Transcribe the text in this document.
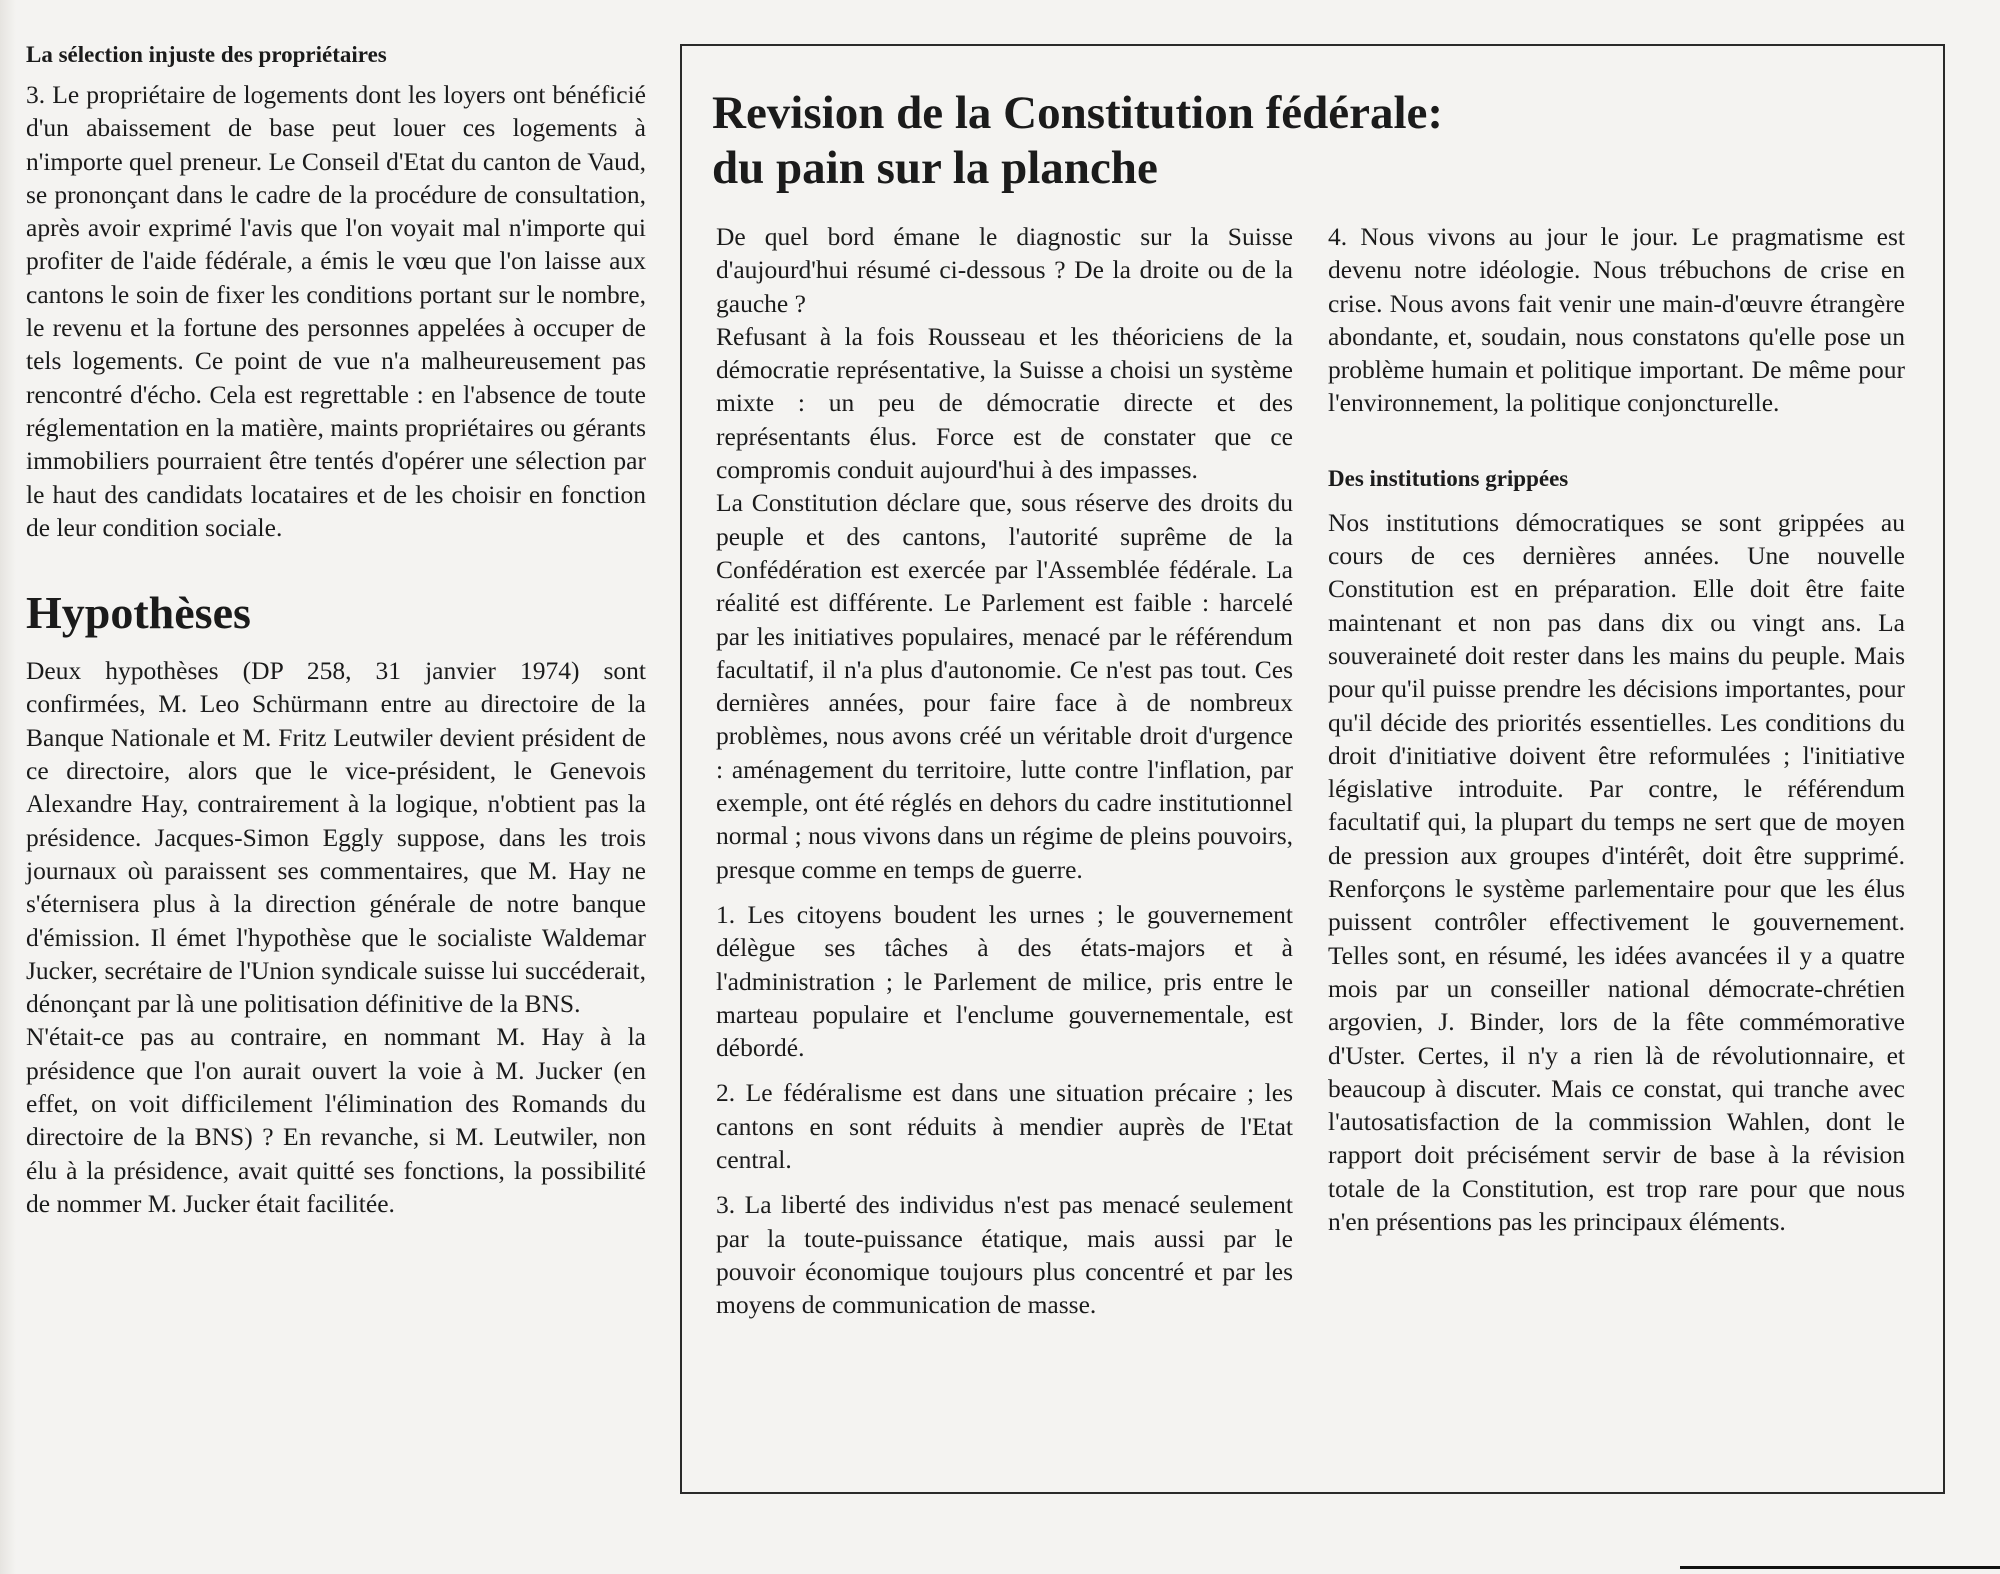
La sélection injuste des propriétaires

3. Le propriétaire de logements dont les loyers ont bénéficié d'un abaissement de base peut louer ces logements à n'importe quel preneur. Le Conseil d'Etat du canton de Vaud, se prononçant dans le cadre de la procédure de consultation, après avoir exprimé l'avis que l'on voyait mal n'importe qui profiter de l'aide fédérale, a émis le vœu que l'on laisse aux cantons le soin de fixer les conditions portant sur le nombre, le revenu et la fortune des personnes appelées à occuper de tels logements. Ce point de vue n'a malheureusement pas rencontré d'écho. Cela est regrettable : en l'absence de toute réglementation en la matière, maints propriétaires ou gérants immobiliers pourraient être tentés d'opérer une sélection par le haut des candidats locataires et de les choisir en fonction de leur condition sociale.

Hypothèses

Deux hypothèses (DP 258, 31 janvier 1974) sont confirmées, M. Leo Schürmann entre au directoire de la Banque Nationale et M. Fritz Leutwiler devient président de ce directoire, alors que le vice-président, le Genevois Alexandre Hay, contrairement à la logique, n'obtient pas la présidence. Jacques-Simon Eggly suppose, dans les trois journaux où paraissent ses commentaires, que M. Hay ne s'éternisera plus à la direction générale de notre banque d'émission. Il émet l'hypothèse que le socialiste Waldemar Jucker, secrétaire de l'Union syndicale suisse lui succéderait, dénonçant par là une politisation définitive de la BNS.

N'était-ce pas au contraire, en nommant M. Hay à la présidence que l'on aurait ouvert la voie à M. Jucker (en effet, on voit difficilement l'élimination des Romands du directoire de la BNS) ? En revanche, si M. Leutwiler, non élu à la présidence, avait quitté ses fonctions, la possibilité de nommer M. Jucker était facilitée.

Revision de la Constitution fédérale:
du pain sur la planche

De quel bord émane le diagnostic sur la Suisse d'aujourd'hui résumé ci-dessous ? De la droite ou de la gauche ?

Refusant à la fois Rousseau et les théoriciens de la démocratie représentative, la Suisse a choisi un système mixte : un peu de démocratie directe et des représentants élus. Force est de constater que ce compromis conduit aujourd'hui à des impasses.

La Constitution déclare que, sous réserve des droits du peuple et des cantons, l'autorité suprême de la Confédération est exercée par l'Assemblée fédérale. La réalité est différente. Le Parlement est faible : harcelé par les initiatives populaires, menacé par le référendum facultatif, il n'a plus d'autonomie. Ce n'est pas tout. Ces dernières années, pour faire face à de nombreux problèmes, nous avons créé un véritable droit d'urgence : aménagement du territoire, lutte contre l'inflation, par exemple, ont été réglés en dehors du cadre institutionnel normal ; nous vivons dans un régime de pleins pouvoirs, presque comme en temps de guerre.

1. Les citoyens boudent les urnes ; le gouvernement délègue ses tâches à des états-majors et à l'administration ; le Parlement de milice, pris entre le marteau populaire et l'enclume gouvernementale, est débordé.

2. Le fédéralisme est dans une situation précaire ; les cantons en sont réduits à mendier auprès de l'Etat central.

3. La liberté des individus n'est pas menacé seulement par la toute-puissance étatique, mais aussi par le pouvoir économique toujours plus concentré et par les moyens de communication de masse.

4. Nous vivons au jour le jour. Le pragmatisme est devenu notre idéologie. Nous trébuchons de crise en crise. Nous avons fait venir une main-d'œuvre étrangère abondante, et, soudain, nous constatons qu'elle pose un problème humain et politique important. De même pour l'environnement, la politique conjoncturelle.

Des institutions grippées

Nos institutions démocratiques se sont grippées au cours de ces dernières années. Une nouvelle Constitution est en préparation. Elle doit être faite maintenant et non pas dans dix ou vingt ans. La souveraineté doit rester dans les mains du peuple. Mais pour qu'il puisse prendre les décisions importantes, pour qu'il décide des priorités essentielles. Les conditions du droit d'initiative doivent être reformulées ; l'initiative législative introduite. Par contre, le référendum facultatif qui, la plupart du temps ne sert que de moyen de pression aux groupes d'intérêt, doit être supprimé. Renforçons le système parlementaire pour que les élus puissent contrôler effectivement le gouvernement. Telles sont, en résumé, les idées avancées il y a quatre mois par un conseiller national démocrate-chrétien argovien, J. Binder, lors de la fête commémorative d'Uster. Certes, il n'y a rien là de révolutionnaire, et beaucoup à discuter. Mais ce constat, qui tranche avec l'autosatisfaction de la commission Wahlen, dont le rapport doit précisément servir de base à la révision totale de la Constitution, est trop rare pour que nous n'en présentions pas les principaux éléments.
